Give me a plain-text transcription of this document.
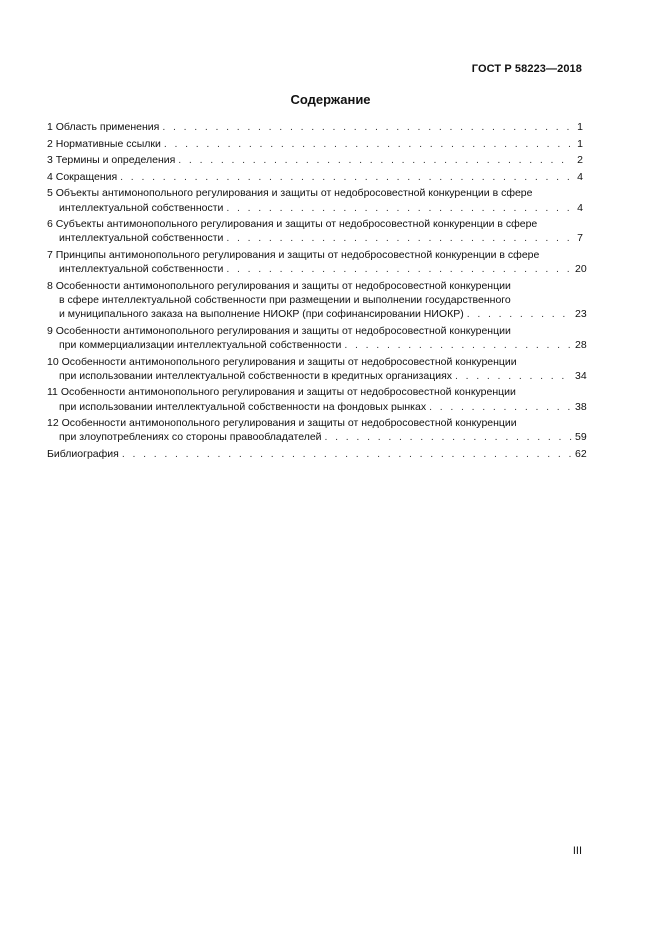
ГОСТ Р 58223—2018
Содержание
1 Область применения . . .	1
2 Нормативные ссылки . . .	1
3 Термины и определения . . .	2
4 Сокращения . . .	4
5 Объекты антимонопольного регулирования и защиты от недобросовестной конкуренции в сфере
интеллектуальной собственности . . .	4
6 Субъекты антимонопольного регулирования и защиты от недобросовестной конкуренции в сфере
интеллектуальной собственности . . .	7
7 Принципы антимонопольного регулирования и защиты от недобросовестной конкуренции в сфере
интеллектуальной собственности . . .	20
8 Особенности антимонопольного регулирования и защиты от недобросовестной конкуренции
в сфере интеллектуальной собственности при размещении и выполнении государственного
и муниципального заказа на выполнение НИОКР (при софинансировании НИОКР) . . .	23
9 Особенности антимонопольного регулирования и защиты от недобросовестной конкуренции
при коммерциализации интеллектуальной собственности . . .	28
10 Особенности антимонопольного регулирования и защиты от недобросовестной конкуренции
при использовании интеллектуальной собственности в кредитных организациях . . .	34
11 Особенности антимонопольного регулирования и защиты от недобросовестной конкуренции
при использовании интеллектуальной собственности на фондовых рынках . . .	38
12 Особенности антимонопольного регулирования и защиты от недобросовестной конкуренции
при злоупотреблениях со стороны правообладателей . . .	59
Библиография . . .	62
III
